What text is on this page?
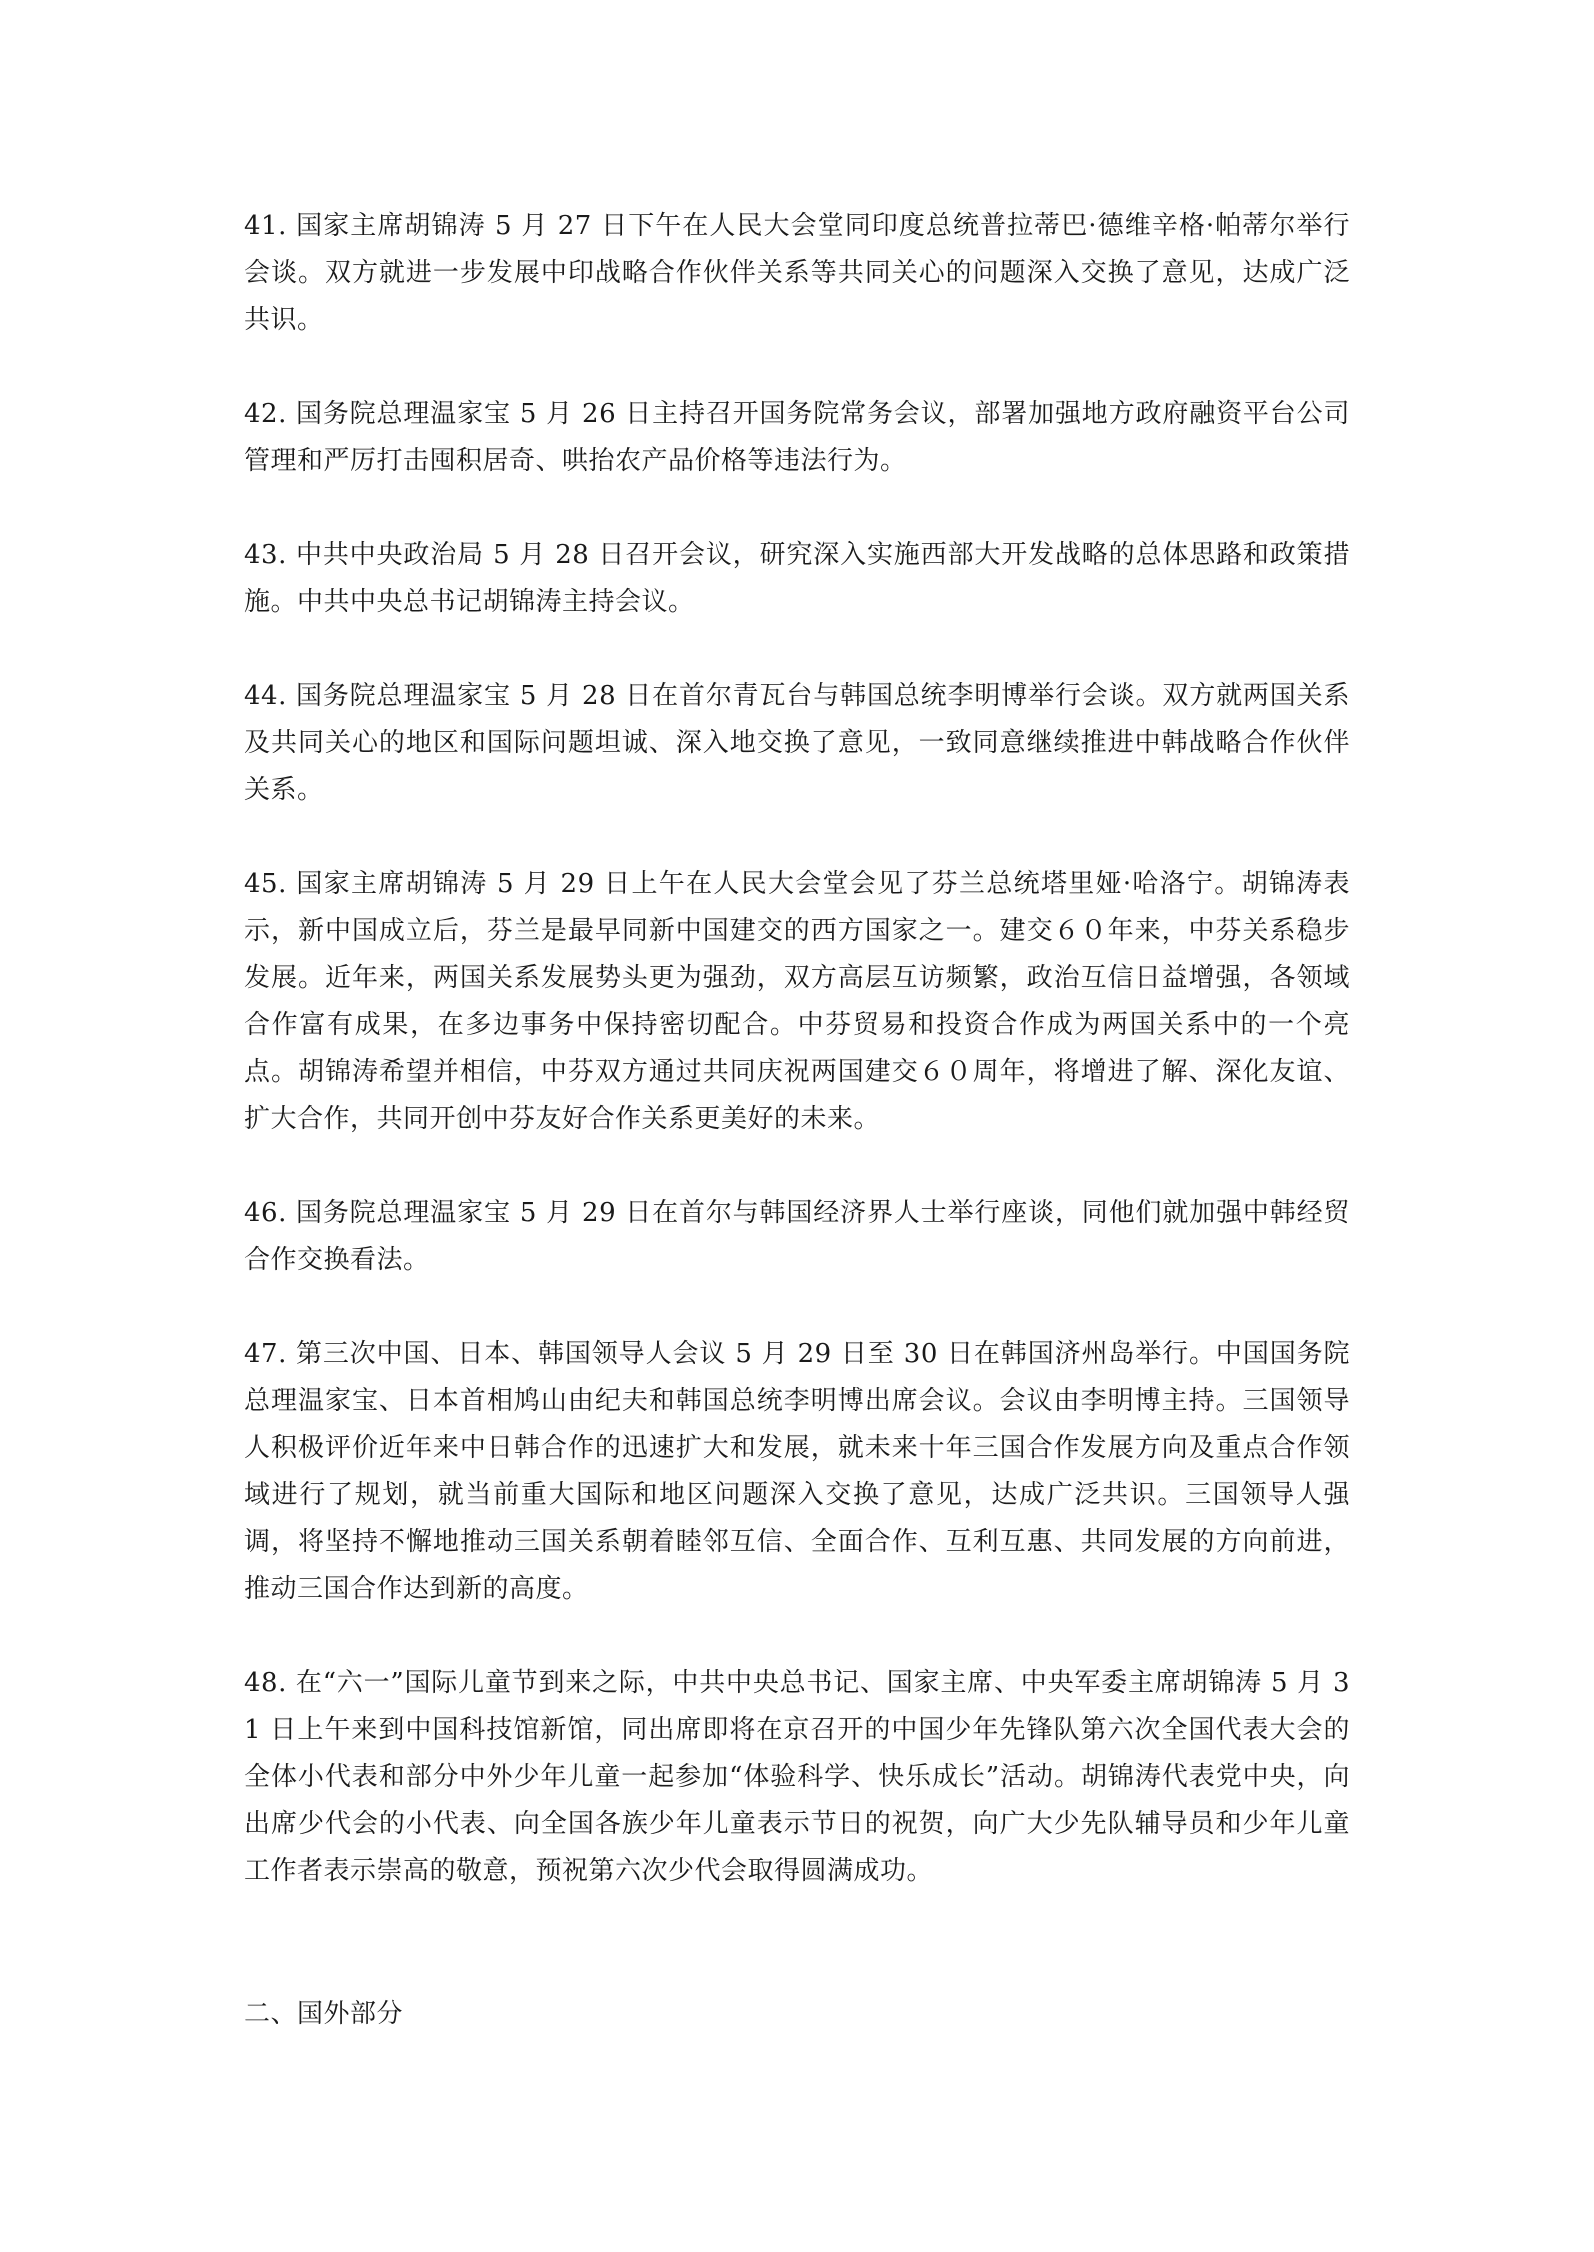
41. 国家主席胡锦涛 5 月 27 日下午在人民大会堂同印度总统普拉蒂巴·德维辛格·帕蒂尔举行会谈。双方就进一步发展中印战略合作伙伴关系等共同关心的问题深入交换了意见，达成广泛共识。

42. 国务院总理温家宝 5 月 26 日主持召开国务院常务会议，部署加强地方政府融资平台公司管理和严厉打击囤积居奇、哄抬农产品价格等违法行为。

43. 中共中央政治局 5 月 28 日召开会议，研究深入实施西部大开发战略的总体思路和政策措施。中共中央总书记胡锦涛主持会议。

44. 国务院总理温家宝 5 月 28 日在首尔青瓦台与韩国总统李明博举行会谈。双方就两国关系及共同关心的地区和国际问题坦诚、深入地交换了意见，一致同意继续推进中韩战略合作伙伴关系。

45. 国家主席胡锦涛 5 月 29 日上午在人民大会堂会见了芬兰总统塔里娅·哈洛宁。胡锦涛表示，新中国成立后，芬兰是最早同新中国建交的西方国家之一。建交６０年来，中芬关系稳步发展。近年来，两国关系发展势头更为强劲，双方高层互访频繁，政治互信日益增强，各领域合作富有成果，在多边事务中保持密切配合。中芬贸易和投资合作成为两国关系中的一个亮点。胡锦涛希望并相信，中芬双方通过共同庆祝两国建交６０周年，将增进了解、深化友谊、扩大合作，共同开创中芬友好合作关系更美好的未来。

46. 国务院总理温家宝 5 月 29 日在首尔与韩国经济界人士举行座谈，同他们就加强中韩经贸合作交换看法。

47. 第三次中国、日本、韩国领导人会议 5 月 29 日至 30 日在韩国济州岛举行。中国国务院总理温家宝、日本首相鸠山由纪夫和韩国总统李明博出席会议。会议由李明博主持。三国领导人积极评价近年来中日韩合作的迅速扩大和发展，就未来十年三国合作发展方向及重点合作领域进行了规划，就当前重大国际和地区问题深入交换了意见，达成广泛共识。三国领导人强调，将坚持不懈地推动三国关系朝着睦邻互信、全面合作、互利互惠、共同发展的方向前进，推动三国合作达到新的高度。

48. 在“六一”国际儿童节到来之际，中共中央总书记、国家主席、中央军委主席胡锦涛 5 月 31 日上午来到中国科技馆新馆，同出席即将在京召开的中国少年先锋队第六次全国代表大会的全体小代表和部分中外少年儿童一起参加“体验科学、快乐成长”活动。胡锦涛代表党中央，向出席少代会的小代表、向全国各族少年儿童表示节日的祝贺，向广大少先队辅导员和少年儿童工作者表示崇高的敬意，预祝第六次少代会取得圆满成功。

二、国外部分
